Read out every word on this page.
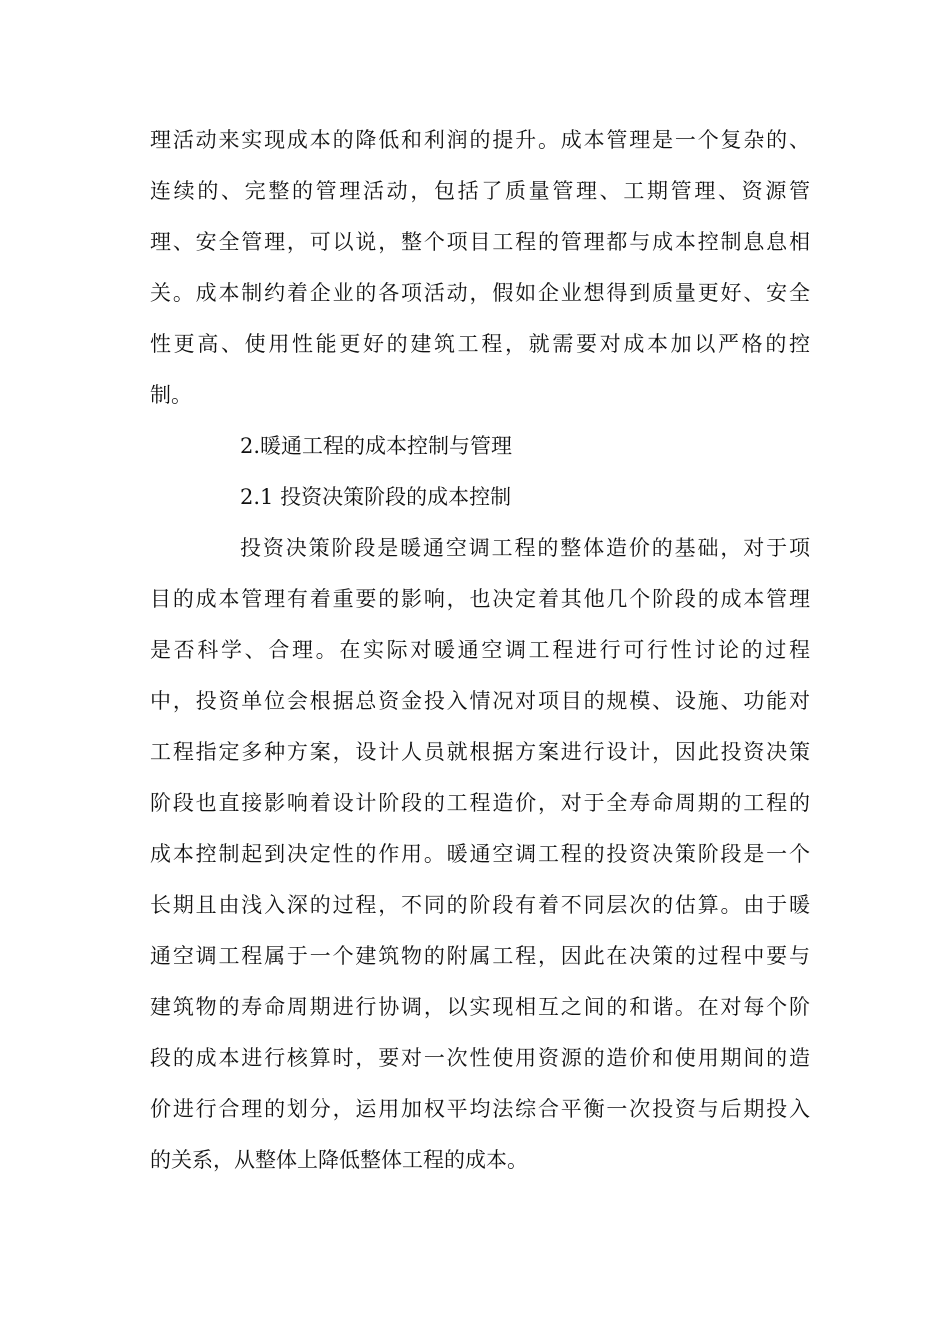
理活动来实现成本的降低和利润的提升。成本管理是一个复杂的、
连续的、完整的管理活动，包括了质量管理、工期管理、资源管
理、安全管理，可以说，整个项目工程的管理都与成本控制息息相
关。成本制约着企业的各项活动，假如企业想得到质量更好、安全
性更高、使用性能更好的建筑工程，就需要对成本加以严格的控
制。
2.暖通工程的成本控制与管理
2.1 投资决策阶段的成本控制
投资决策阶段是暖通空调工程的整体造价的基础，对于项
目的成本管理有着重要的影响，也决定着其他几个阶段的成本管理
是否科学、合理。在实际对暖通空调工程进行可行性讨论的过程
中，投资单位会根据总资金投入情况对项目的规模、设施、功能对
工程指定多种方案，设计人员就根据方案进行设计，因此投资决策
阶段也直接影响着设计阶段的工程造价，对于全寿命周期的工程的
成本控制起到决定性的作用。暖通空调工程的投资决策阶段是一个
长期且由浅入深的过程，不同的阶段有着不同层次的估算。由于暖
通空调工程属于一个建筑物的附属工程，因此在决策的过程中要与
建筑物的寿命周期进行协调，以实现相互之间的和谐。在对每个阶
段的成本进行核算时，要对一次性使用资源的造价和使用期间的造
价进行合理的划分，运用加权平均法综合平衡一次投资与后期投入
的关系，从整体上降低整体工程的成本。
